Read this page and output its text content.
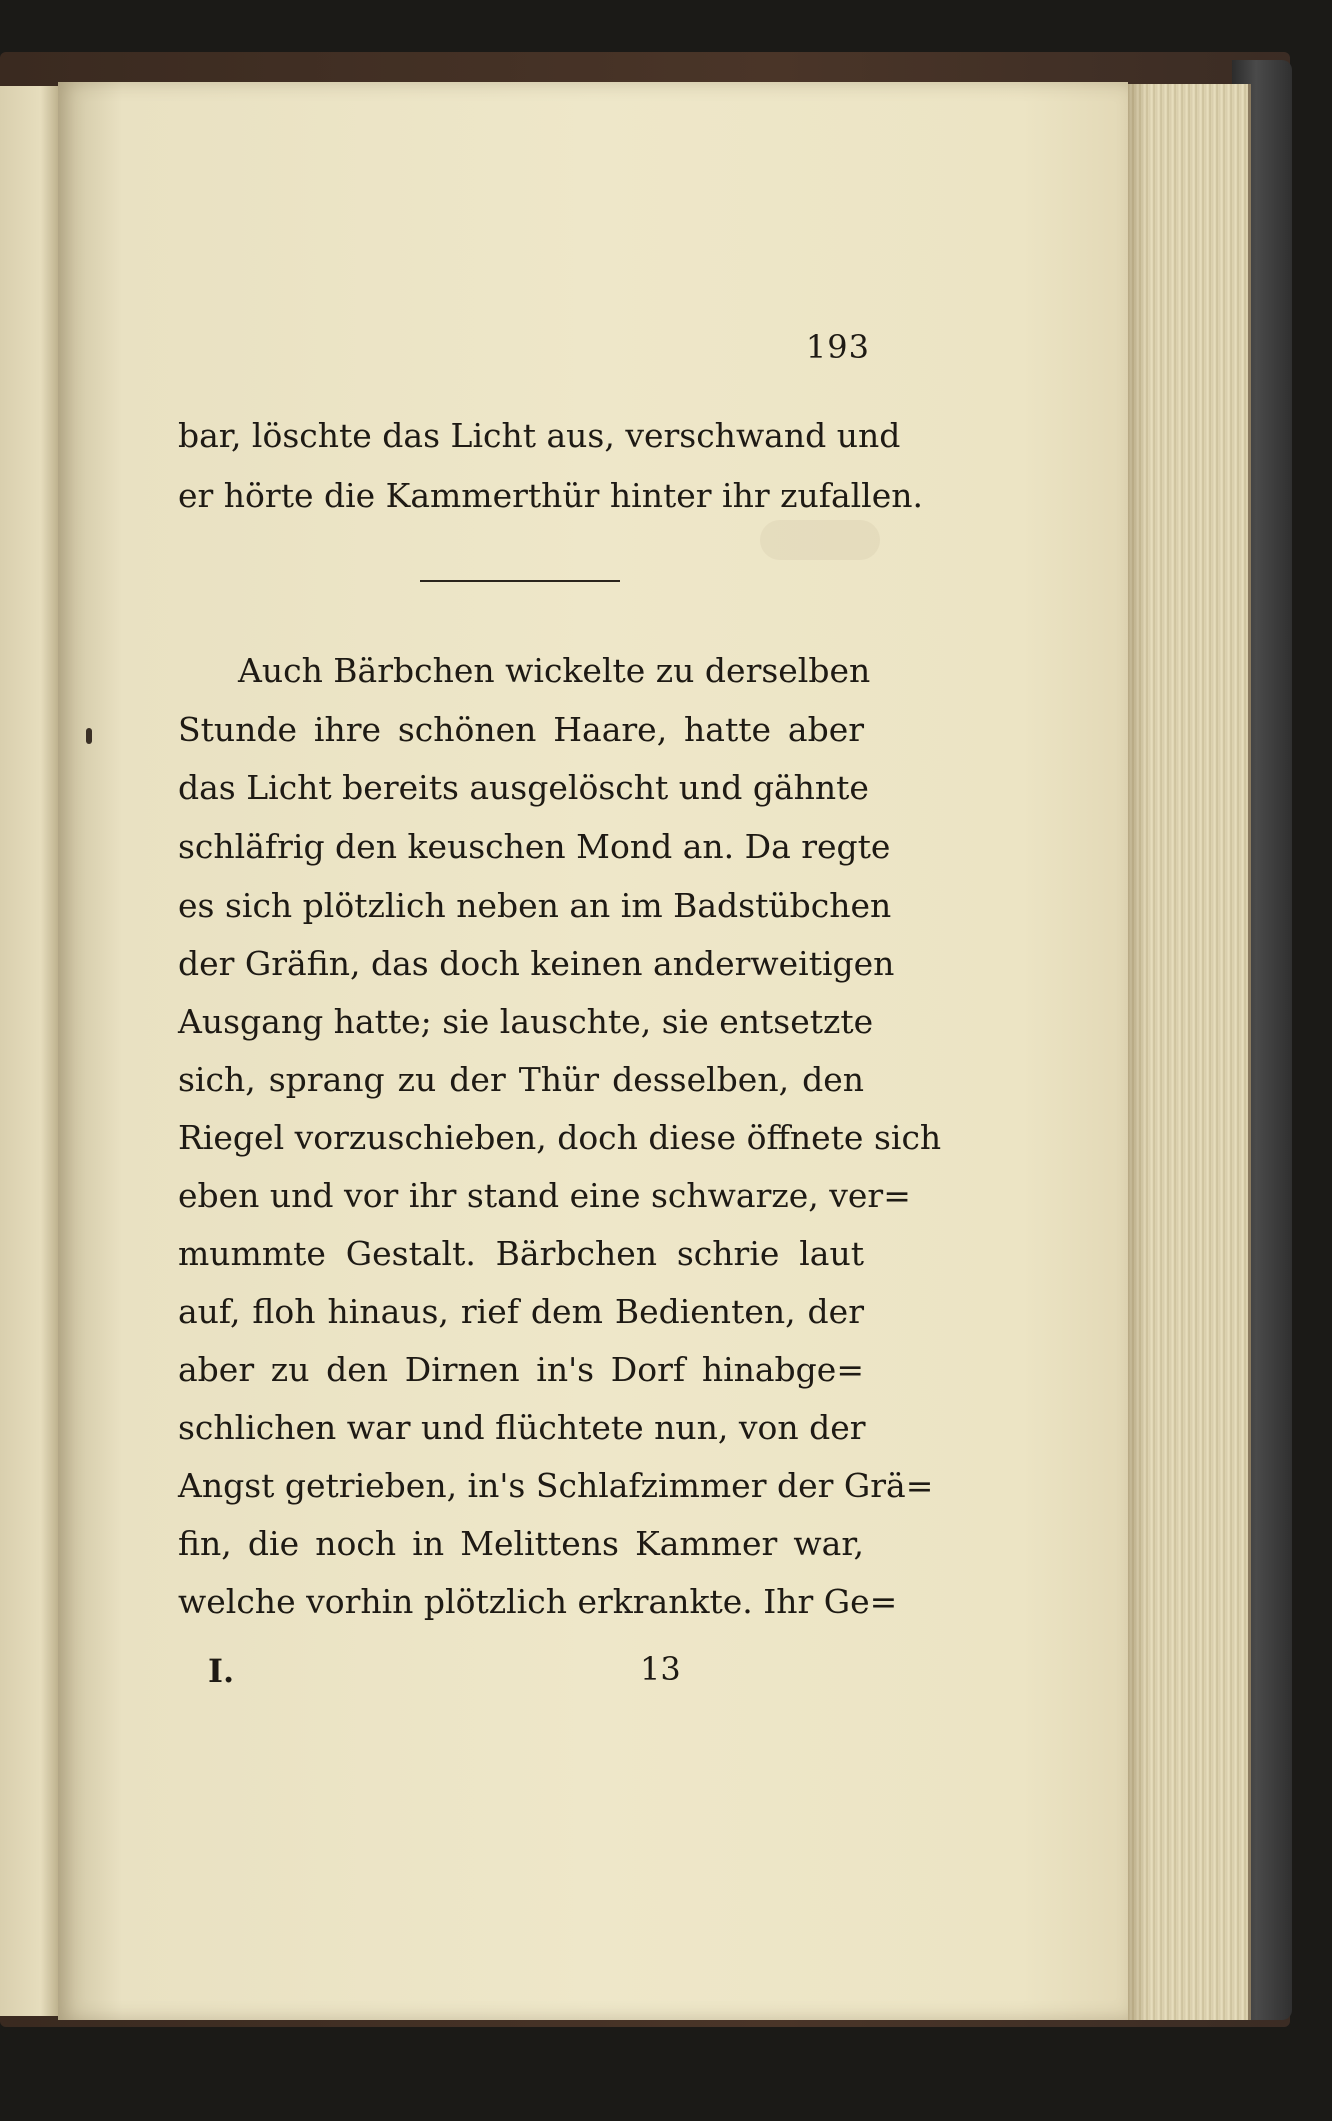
193
bar, löschte das Licht aus, verschwand und
er hörte die Kammerthür hinter ihr zufallen.
Auch Bärbchen wickelte zu derselben
Stunde ihre schönen Haare, hatte aber
das Licht bereits ausgelöscht und gähnte
schläfrig den keuschen Mond an. Da regte
es sich plötzlich neben an im Badstübchen
der Gräfin, das doch keinen anderweitigen
Ausgang hatte; sie lauschte, sie entsetzte
sich, sprang zu der Thür desselben, den
Riegel vorzuschieben, doch diese öffnete sich
eben und vor ihr stand eine schwarze, ver=
mummte Gestalt. Bärbchen schrie laut
auf, floh hinaus, rief dem Bedienten, der
aber zu den Dirnen in's Dorf hinabge=
schlichen war und flüchtete nun, von der
Angst getrieben, in's Schlafzimmer der Grä=
fin, die noch in Melittens Kammer war,
welche vorhin plötzlich erkrankte. Ihr Ge=
I.	13
